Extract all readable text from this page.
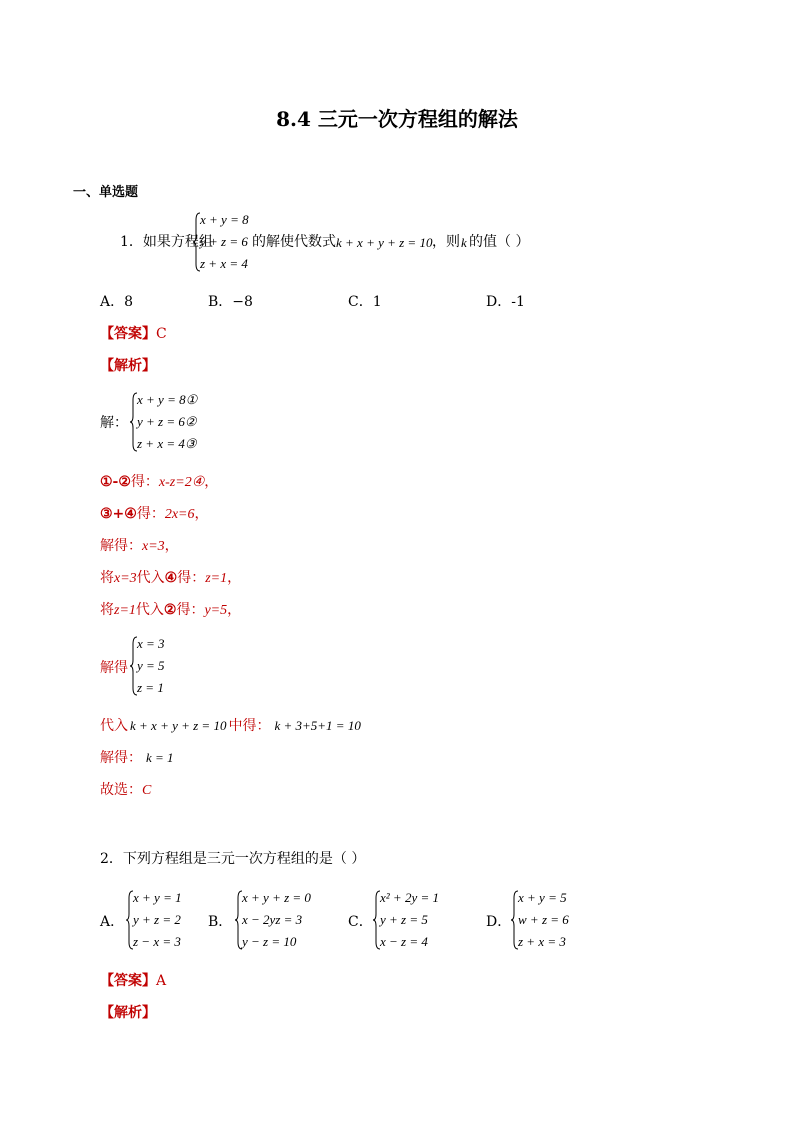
8.4 三元一次方程组的解法
一、单选题
1．如果方程组
x + y = 8
y + z = 6
z + x = 4
的解使代数式 k + x + y + z = 10 ，则 k 的值（ ）
A．8	B．−8	C．1	D．-1
【答案】C
【解析】
解：
x + y = 8①
y + z = 6②
z + x = 4③
①-②得：x-z=2④，
③+④得：2x=6，
解得：x=3，
将x=3代入④得：z=1，
将z=1代入②得：y=5，
解得
x = 3
y = 5
z = 1
代入 k + x + y + z = 10 中得： k + 3+5+1 = 10
解得： k = 1
故选：C
2．下列方程组是三元一次方程组的是（ ）
A．
x + y = 1
y + z = 2
z − x = 3
B．
x + y + z = 0
x − 2yz = 3
y − z = 10
C．
x² + 2y = 1
y + z = 5
x − z = 4
D．
x + y = 5
w + z = 6
z + x = 3
【答案】A
【解析】
